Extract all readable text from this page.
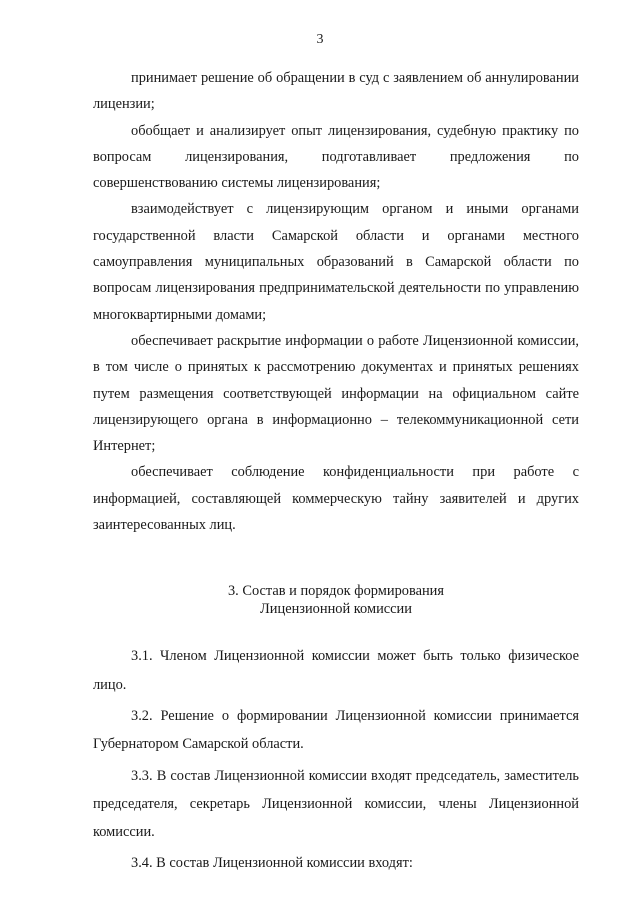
3

принимает решение об обращении в суд с заявлением об аннулировании лицензии;

обобщает и анализирует опыт лицензирования, судебную практику по вопросам лицензирования, подготавливает предложения по совершенствованию системы лицензирования;

взаимодействует с лицензирующим органом и иными органами государственной власти Самарской области и органами местного самоуправления муниципальных образований в Самарской области по вопросам лицензирования предпринимательской деятельности по управлению многоквартирными домами;

обеспечивает раскрытие информации о работе Лицензионной комиссии, в том числе о принятых к рассмотрению документах и принятых решениях путем размещения соответствующей информации на официальном сайте лицензирующего органа в информационно – телекоммуникационной сети Интернет;

обеспечивает соблюдение конфиденциальности при работе с информацией, составляющей коммерческую тайну заявителей и других заинтересованных лиц.

3. Состав и порядок формирования
Лицензионной комиссии

3.1. Членом Лицензионной комиссии может быть только физическое лицо.

3.2. Решение о формировании Лицензионной комиссии принимается Губернатором Самарской области.

3.3. В состав Лицензионной комиссии входят председатель, заместитель председателя, секретарь Лицензионной комиссии, члены Лицензионной комиссии.

3.4. В состав Лицензионной комиссии входят:
